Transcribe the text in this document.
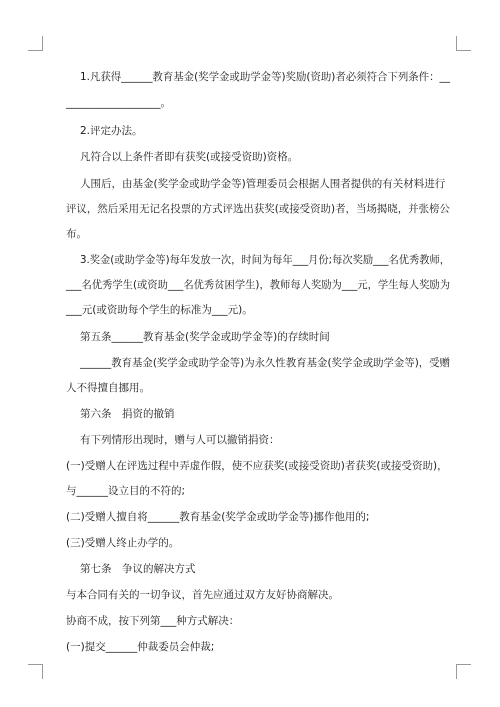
1.凡获得______教育基金(奖学金或助学金等)奖励(资助)者必须符合下列条件：__
__________________。
2.评定办法。
凡符合以上条件者即有获奖(或接受资助)资格。
人围后，由基金(奖学金或助学金等)管理委员会根据人围者提供的有关材料进行
评议，然后采用无记名投票的方式评选出获奖(或接受资助)者，当场揭晓，并张榜公
布。
3.奖金(或助学金等)每年发放一次，时间为每年___月份;每次奖励___名优秀教师，
___名优秀学生(或资助___名优秀贫困学生)，教师每人奖励为___元，学生每人奖励为
___元(或资助每个学生的标准为___元)。
第五条______教育基金(奖学金或助学金等)的存续时间
______教育基金(奖学金或助学金等)为永久性教育基金(奖学金或助学金等)，受赠
人不得擅自挪用。
第六条　捐资的撤销
有下列情形出现时，赠与人可以撤销捐资：
(一)受赠人在评选过程中弄虚作假，使不应获奖(或接受资助)者获奖(或接受资助)，
与______设立目的不符的;
(二)受赠人擅自将______教育基金(奖学金或助学金等)挪作他用的;
(三)受赠人终止办学的。
第七条　争议的解决方式
与本合同有关的一切争议，首先应通过双方友好协商解决。
协商不成，按下列第___种方式解决：
(一)提交______仲裁委员会仲裁;
